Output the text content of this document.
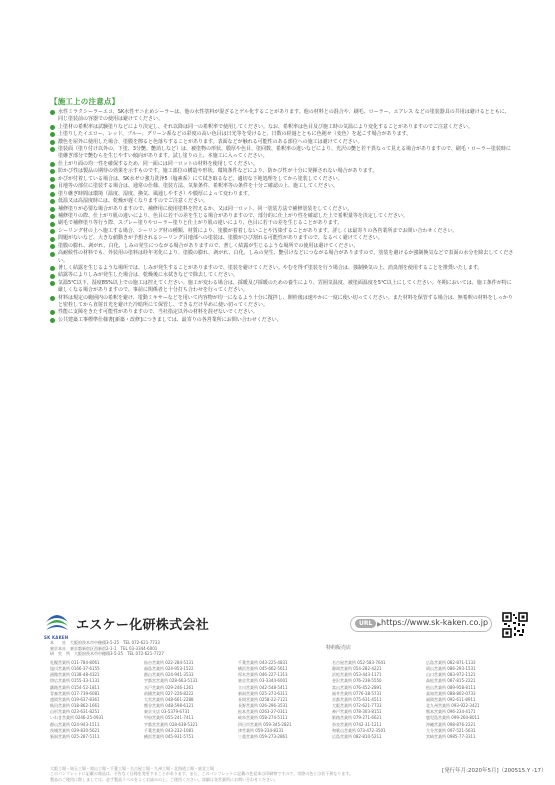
【施工上の注意点】
水性ミラクシーラーエコ、SK水性ヤニ止めシーラーは、他の水性塗料が混ざるとゲル化することがあります。他の材料との混合や、刷毛、ローラー、エアレス などの塗装器具の共用は避けるとともに、同じ塗装前の容器での使用は避けてください。
上塗材の希釈率は試験塗りなどにより決定し、それ以降は同一の希釈率で使用してください。なお、希釈率は色目及び施工時の気温により変化することがありますのでご注意ください。
上塗りしたイエロー、レッド、ブルー、グリーン系などの彩度の高い色目は日光等を受けると、日数の経過とともに色褪せ（変色）を起こす場合があります。
濃色を屋外に使用した場合、塗膜を擦ると色落ちすることがあります。表面などが触れる可能性のある部位への施工は避けてください。
塗装面（塗り付け以外の、下塗、3分艶、艶消しなど）は、被塗物の形状、膜厚や色目、塗回数、希釈率の違いなどにより、光沢の艶と若干異なって見える場合がありますので、刷毛・ローラー塗装時に塗継ぎ部分で艶むらを生じやすい傾向があります。試し塗りの上、本施工に入ってください。
仕上がり面の均一性を確保するため、同一面には同一ロットの材料を使用してください。
防かび性は製品の期待の効果を示すものです。施工部位の構造や形状、環境条件などにより、防かび性が十分に発揮されない場合があります。
かびが付着している場合は、SK水ゼロ強力洗浄5（塩素系）にて拭き取るなど、適切な下地処理をしてから塗装してください。
目地等の部位に塗装する場合は、通常の仕様、塗装方法、気象条件、希釈率等の条件を十分ご確認の上、施工してください。
塗り継ぎ時間は環境（温度、湿度、換気、風通しやすさ）や膜厚によって変わります。
低温又は高湿度時には、乾燥が遅くなりますのでご注意ください。
補修塗りが必要な場合がありますので、補修用に使用塗料を控えるか、又は同一ロット、同一塗装方法で補修塗装をしてください。
補修塗りの際、仕上がり肌の違いにより、色目に若干の差を生じる場合がありますので、部分的に仕上がり性を確認した上で希釈量等を決定してください。
刷毛で補修塗り等行う際、スプレー塗りやローラー塗りと仕上がり肌の違いにより、色目に若干の差を生じることがあります。
シーリング材の上へ施工する場合、シーリング材の種類、材質により、塗膜が着着しないことや汚染することがあります。詳しくは最寄りの各営業所までお問い合わせください。
問題がないなど、大きな値動きが予想されるシーリング目地部への塗装は、塗膜がひび割れる可能性がありますので、なるべく避けてください。
塗膜の膨れ、剥がれ、白化、しみの発生につながる場合がありますので、著しく結露が生じるような場所での使用は避けてください。
高耐候性の材料でも、外装用の塗料は経年劣化により、塗膜の膨れ、剥がれ、白化、しみの発生、艶引けなどにつながる場合がありますので、塗装を避けるか強制換気などで表面の水分を除去してください。
著しく結露を生じるような場所では、しみが発生することがありますので、塗装を避けてください。やむを得ず塗装を行う場合は、強制換気の上、消臭剤を使用することを推奨いたします。
結露等によりしみが発生した場合は、乾燥後に水拭きなどで除去してください。
気温5℃以下、湿度85%以上での施工は控えてください。施工が変わる場合は、採暖及び採暖のための養生により、雰囲気温度、被塗面温度を5℃以上にしてください。冬期においては、施工条件が特に厳しくなる場合がありますので、事前に関係者と十分打ち合わせを行ってください。
材料は規定の範囲内の希釈を避け、電動ミキサーなどを用いて内容物が均一になるよう十分に撹拌し、開栓後は速やかに一度に使い切ってください。また材料を保管する場合は、無希釈の材料をしっかりと密栓してから直射日光を避けた冷暗所にて保管し、できるだけ早めに使い切ってください。
性能に支障をきたす可能性がありますので、当社指定以外の材料を混ぜないでください。
公共建築工事標準仕様書[新築・改修]につきましては、最寄りの各営業所にお問い合わせください。
SK KAKEN
エスケー化研株式会社	URL ▶ https://www.sk-kaken.co.jp
特約販売店
本　　社　大阪府茨木市中穂積3-5-25　TEL 072-621-7733
東京本社　東京都新宿区西新宿2-1-1　TEL 03-3344-6001
研　究　所　大阪府茨木市中穂積3-5-25　TEL 072-621-7727
札幌営業所 011-784-8061	仙台営業所 022-284-5131	千葉営業所 043-225-4831	名古屋営業所 052-583-7641	広島営業所 082-871-1133
旭川営業所 0166-37-6155	福島営業所 024-953-1522	横浜営業所 045-662-5611	静岡営業所 054-282-4221	岡山営業所 086-293-1531
函館営業所 0138-48-4321	郡山営業所 024-941-3533	厚木営業所 046-227-1313	浜松営業所 053-443-1171	山口営業所 083-972-1121
帯広営業所 0155-33-1131	宇都宮営業所 028-663-5131	東京営業所 03-3344-6001	金沢営業所 076-238-5550	高松営業所 087-815-2221
釧路営業所 0154-52-1811	水戸営業所 029-246-1261	立川営業所 042-548-5411	富山営業所 076-452-2891	松山営業所 089-958-8111
青森営業所 017-739-6081	前橋営業所 027-226-8222	新潟営業所 025-273-6311	福井営業所 0776-38-5731	高知営業所 088-802-0733
盛岡営業所 019-637-8361	大宮営業所 048-661-2288	長岡営業所 0258-22-7121	京都営業所 075-631-4511	福岡営業所 092-611-8911
秋田営業所 018-862-1661	熊谷営業所 048-598-6121	長野営業所 026-296-3531	大阪営業所 072-621-7733	北九州営業所 093-922-3421
山形営業所 023-631-8251	東京支店 03-5379-6731	松本営業所 0263-27-0311	神戸営業所 078-303-8151	熊本営業所 096-234-4171
いわき営業所 0246-25-0931	甲府営業所 055-241-7411	岐阜営業所 058-274-5111	姫路営業所 079-271-6621	鹿児島営業所 099-260-8011
郡山営業所 024-943-1511	宇都宮営業所 028-638-5321	四日市営業所 059-345-2821	奈良営業所 0742-31-1211	沖縄営業所 098-876-2221
茨城営業所 029-830-5621	千葉営業所 043-232-1081	津営業所 059-234-8231	和歌山営業所 073-472-3501	大分営業所 097-521-5631
新潟営業所 025-287-5111	横浜営業所 045-931-5751	三重営業所 059-273-2861	広島営業所 082-810-5211	宮崎営業所 0985-77-3311
大阪工場・埼玉工場・岡山工場・千葉工場・名古屋工場・九州工場・北海道工場・東北工場
このパンフレットに記載の商品は、予告なく仕様を変更することがあります。また、このパンフレットに記載の色見本は印刷物ですので、実際の色とは若干異なります。
製品のご使用に際しましては、必ず製品ラベルをよくお読みの上、ご使用ください。詳細は各営業所にお問い合わせください。
[発行年月:2020年5月]（200515.Y -17）
